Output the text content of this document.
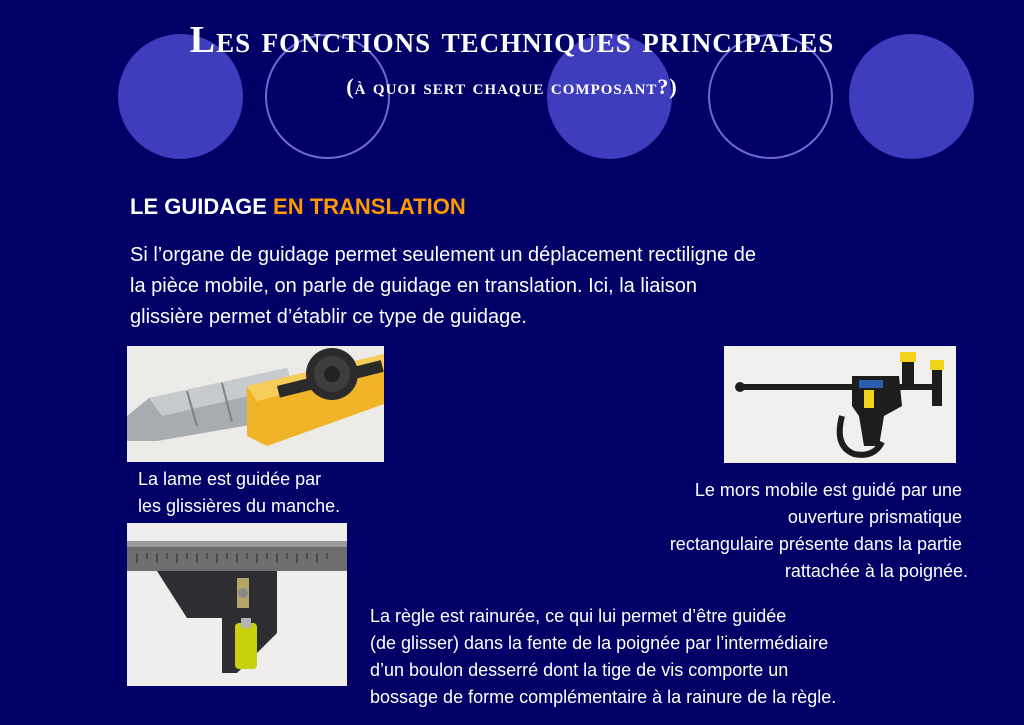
Les fonctions techniques principales
(à quoi sert chaque composant?)
LE GUIDAGE EN TRANSLATION
Si l’organe de guidage permet seulement un déplacement rectiligne de
la pièce mobile, on parle de guidage en translation. Ici, la liaison
glissière permet d’établir ce type de guidage.
La lame est guidée par
les glissières du manche.
Le mors mobile est guidé par une
ouverture prismatique
rectangulaire présente dans la partie
rattachée à la poignée.
La règle est rainurée, ce qui lui permet d’être guidée
(de glisser) dans la fente de la poignée par l’intermédiaire
d’un boulon desserré dont la tige de vis comporte un
bossage de forme complémentaire à la rainure de la règle.
